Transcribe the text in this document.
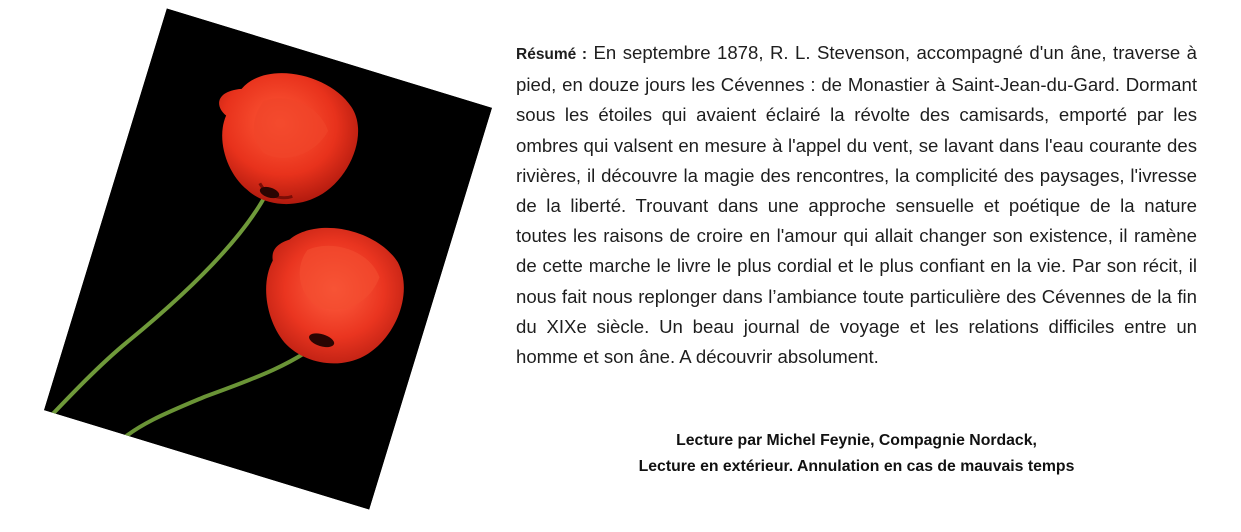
Résumé : En septembre 1878, R. L. Stevenson, accompagné d'un âne, traverse à pied, en douze jours les Cévennes : de Monastier à Saint-Jean-du-Gard. Dormant sous les étoiles qui avaient éclairé la révolte des camisards, emporté par les ombres qui valsent en mesure à l'appel du vent, se lavant dans l'eau courante des rivières, il découvre la magie des rencontres, la complicité des paysages, l'ivresse de la liberté. Trouvant dans une approche sensuelle et poétique de la nature toutes les raisons de croire en l'amour qui allait changer son existence, il ramène de cette marche le livre le plus cordial et le plus confiant en la vie. Par son récit, il nous fait nous replonger dans l’ambiance toute particulière des Cévennes de la fin du XIXe siècle. Un beau journal de voyage et les relations difficiles entre un homme et son âne. A découvrir absolument.

Lecture par Michel Feynie, Compagnie Nordack,
Lecture en extérieur. Annulation en cas de mauvais temps
